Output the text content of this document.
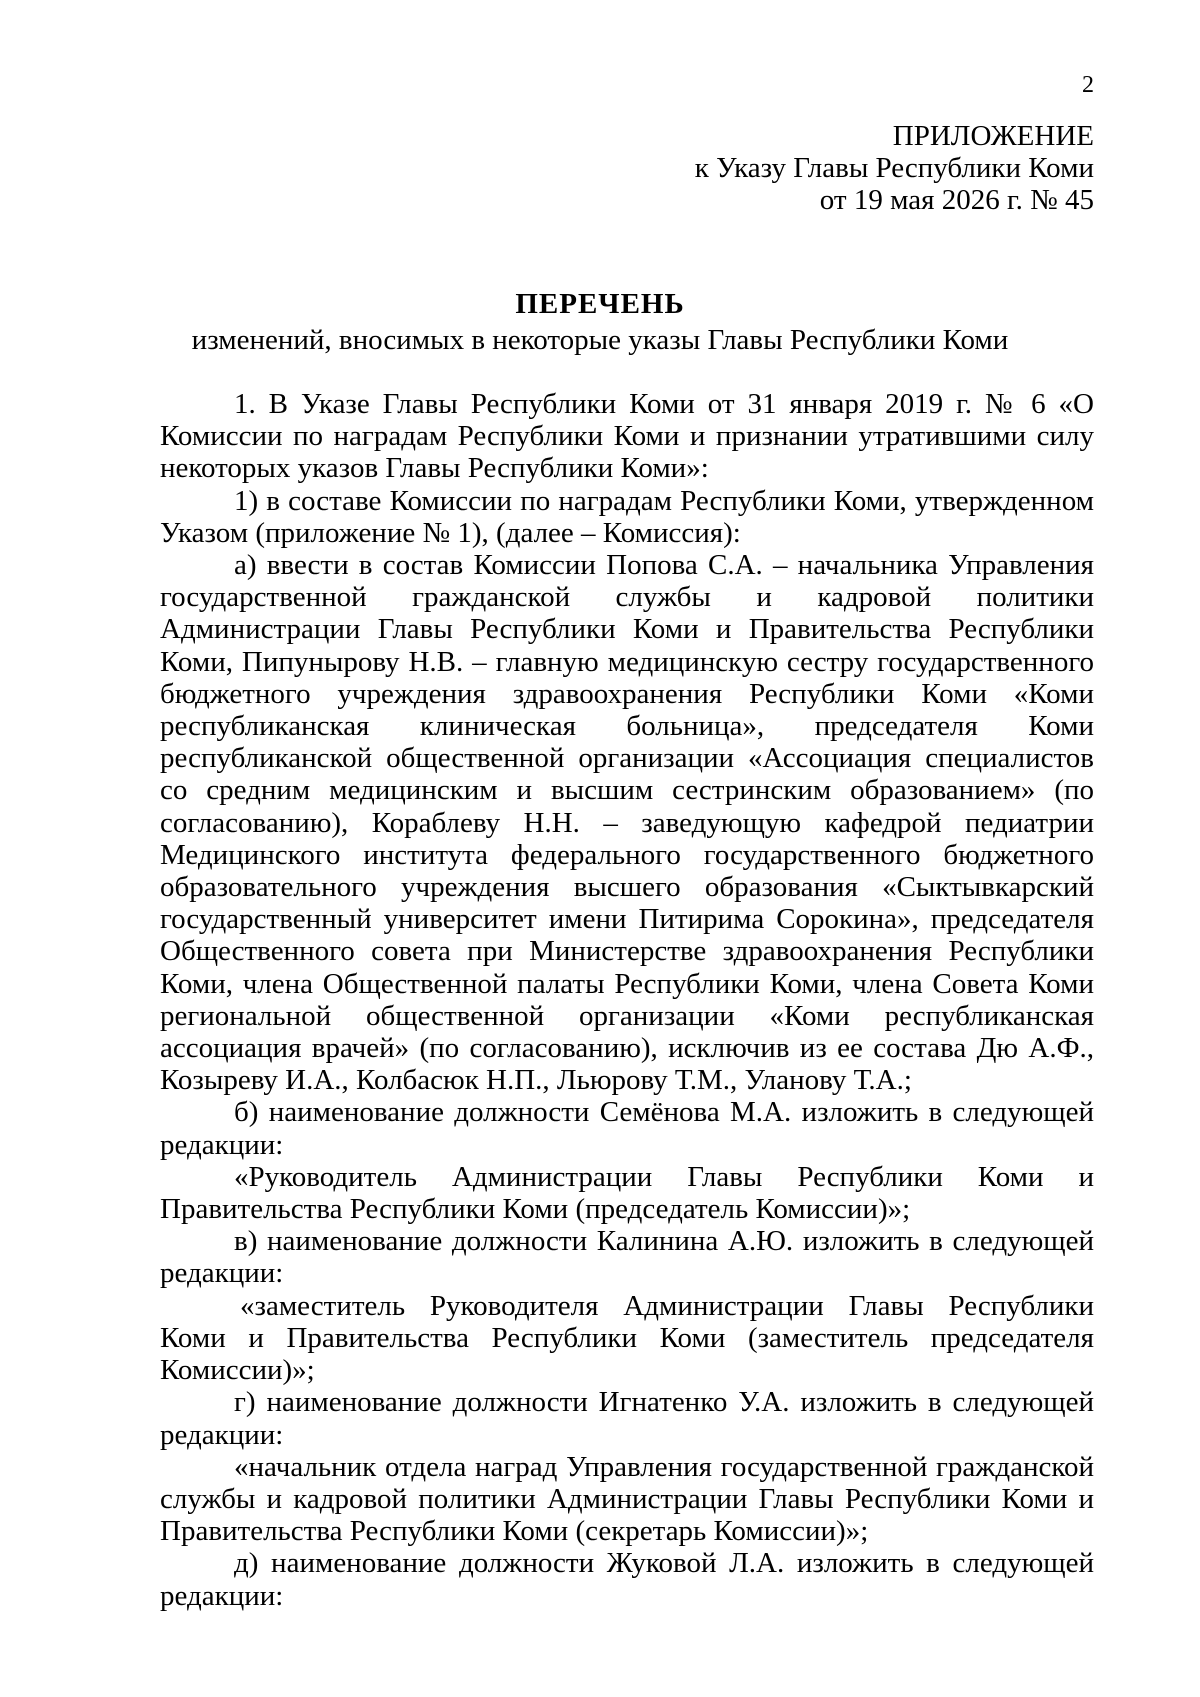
2
ПРИЛОЖЕНИЕ
к Указу Главы Республики Коми
от 19 мая 2026 г. № 45
ПЕРЕЧЕНЬ
изменений, вносимых в некоторые указы Главы Республики Коми

1. В Указе Главы Республики Коми от 31 января 2019 г. № 6 «О Комиссии по наградам Республики Коми и признании утратившими силу некоторых указов Главы Республики Коми»:

1) в составе Комиссии по наградам Республики Коми, утвержденном Указом (приложение № 1), (далее – Комиссия):

а) ввести в состав Комиссии Попова С.А. – начальника Управления государственной гражданской службы и кадровой политики Администрации Главы Республики Коми и Правительства Республики Коми, Пипунырову Н.В. – главную медицинскую сестру государственного бюджетного учреждения здравоохранения Республики Коми «Коми республиканская клиническая больница», председателя Коми республиканской общественной организации «Ассоциация специалистов со средним медицинским и высшим сестринским образованием» (по согласованию), Кораблеву Н.Н. – заведующую кафедрой педиатрии Медицинского института федерального государственного бюджетного образовательного учреждения высшего образования «Сыктывкарский государственный университет имени Питирима Сорокина», председателя Общественного совета при Министерстве здравоохранения Республики Коми, члена Общественной палаты Республики Коми, члена Совета Коми региональной общественной организации «Коми республиканская ассоциация врачей» (по согласованию), исключив из ее состава Дю А.Ф., Козыреву И.А., Колбасюк Н.П., Льюрову Т.М., Уланову Т.А.;

б) наименование должности Семёнова М.А. изложить в следующей редакции:

«Руководитель Администрации Главы Республики Коми и Правительства Республики Коми (председатель Комиссии)»;

в) наименование должности Калинина А.Ю. изложить в следующей редакции:

«заместитель Руководителя Администрации Главы Республики Коми и Правительства Республики Коми (заместитель председателя Комиссии)»;

г) наименование должности Игнатенко У.А. изложить в следующей редакции:

«начальник отдела наград Управления государственной гражданской службы и кадровой политики Администрации Главы Республики Коми и Правительства Республики Коми (секретарь Комиссии)»;

д) наименование должности Жуковой Л.А. изложить в следующей редакции:
